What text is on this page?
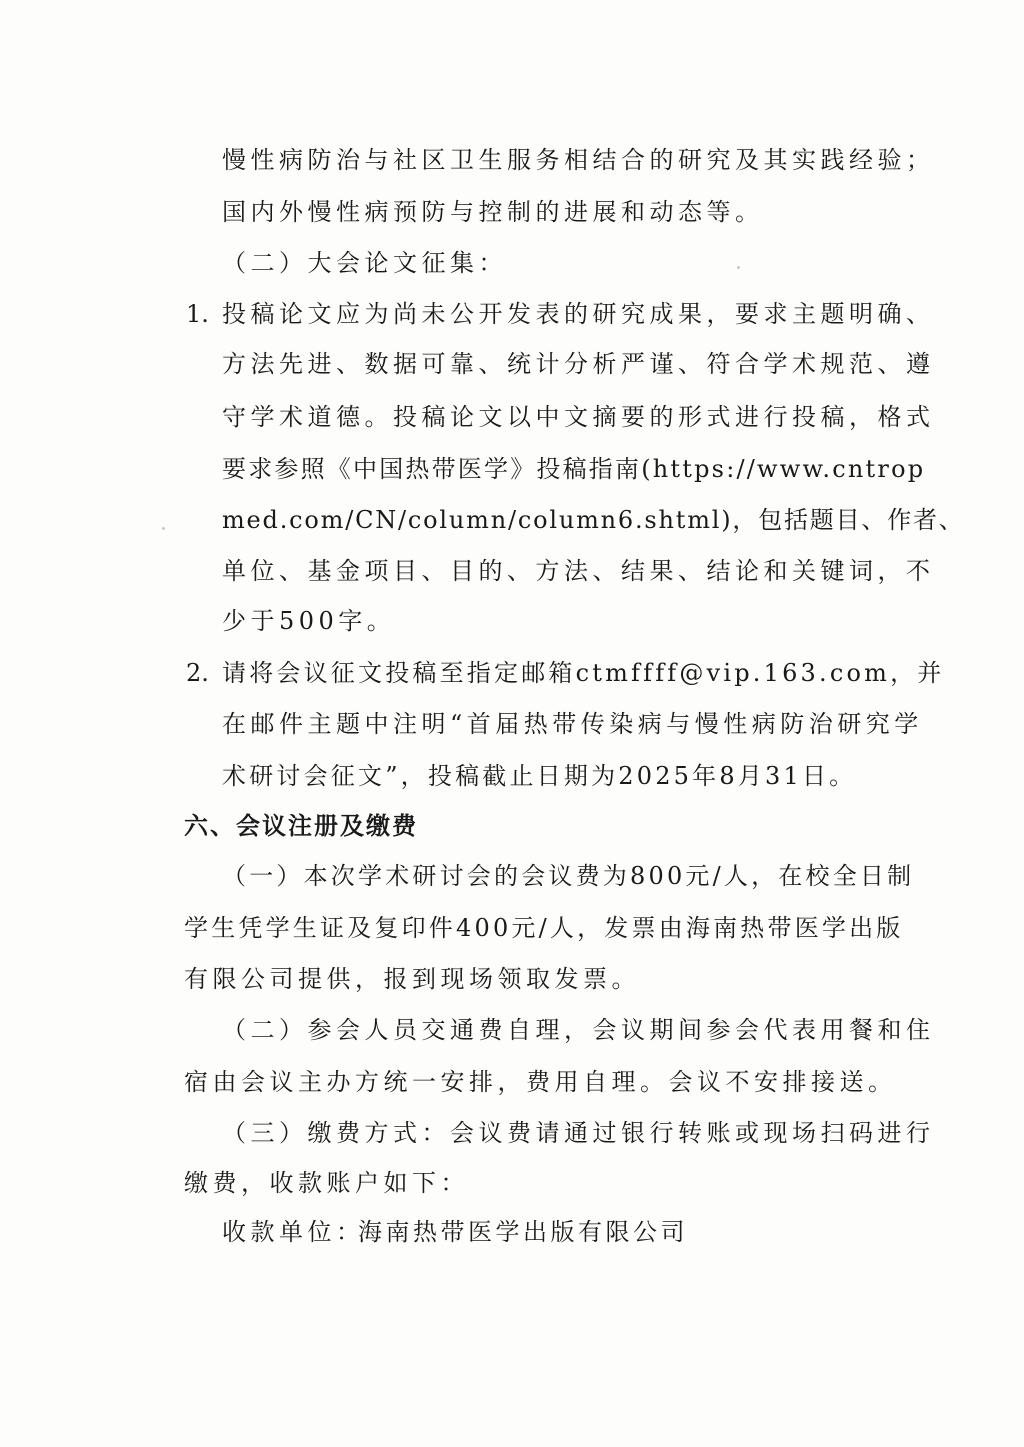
慢性病防治与社区卫生服务相结合的研究及其实践经验；
国内外慢性病预防与控制的进展和动态等。
（二）大会论文征集：
1. 投稿论文应为尚未公开发表的研究成果，要求主题明确、
方法先进、数据可靠、统计分析严谨、符合学术规范、遵
守学术道德。投稿论文以中文摘要的形式进行投稿，格式
要求参照《中国热带医学》投稿指南(https://www.cntrop
med.com/CN/column/column6.shtml)，包括题目、作者、
单位、基金项目、目的、方法、结果、结论和关键词，不
少于500字。
2. 请将会议征文投稿至指定邮箱ctmffff@vip.163.com，并
在邮件主题中注明“首届热带传染病与慢性病防治研究学
术研讨会征文”，投稿截止日期为2025年8月31日。
六、会议注册及缴费
（一）本次学术研讨会的会议费为800元/人，在校全日制
学生凭学生证及复印件400元/人，发票由海南热带医学出版
有限公司提供，报到现场领取发票。
（二）参会人员交通费自理，会议期间参会代表用餐和住
宿由会议主办方统一安排，费用自理。会议不安排接送。
（三）缴费方式：会议费请通过银行转账或现场扫码进行
缴费，收款账户如下：
收款单位：
海南热带医学出版有限公司
